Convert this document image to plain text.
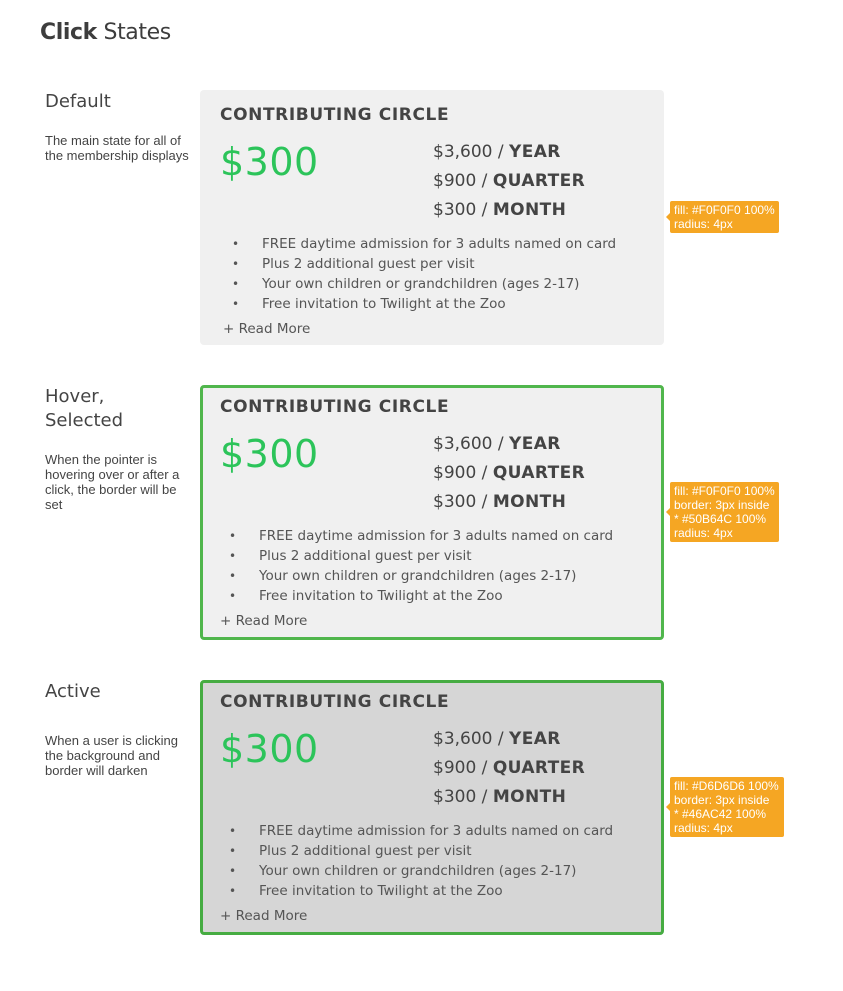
Click States
Default

The main state for all of the membership displays

CONTRIBUTING CIRCLE
$300	$3,600 / YEAR
$900 / QUARTER
$300 / MONTH
• FREE daytime admission for 3 adults named on card
• Plus 2 additional guest per visit
• Your own children or grandchildren (ages 2-17)
• Free invitation to Twilight at the Zoo
+ Read More
fill: #F0F0F0 100%
radius: 4px
Hover, Selected

When the pointer is hovering over or after a click, the border will be set

CONTRIBUTING CIRCLE
$300	$3,600 / YEAR
$900 / QUARTER
$300 / MONTH
• FREE daytime admission for 3 adults named on card
• Plus 2 additional guest per visit
• Your own children or grandchildren (ages 2-17)
• Free invitation to Twilight at the Zoo
+ Read More
fill: #F0F0F0 100%
border: 3px inside
* #50B64C 100%
radius: 4px
Active

When a user is clicking the background and border will darken

CONTRIBUTING CIRCLE
$300	$3,600 / YEAR
$900 / QUARTER
$300 / MONTH
• FREE daytime admission for 3 adults named on card
• Plus 2 additional guest per visit
• Your own children or grandchildren (ages 2-17)
• Free invitation to Twilight at the Zoo
+ Read More
fill: #D6D6D6 100%
border: 3px inside
* #46AC42 100%
radius: 4px
